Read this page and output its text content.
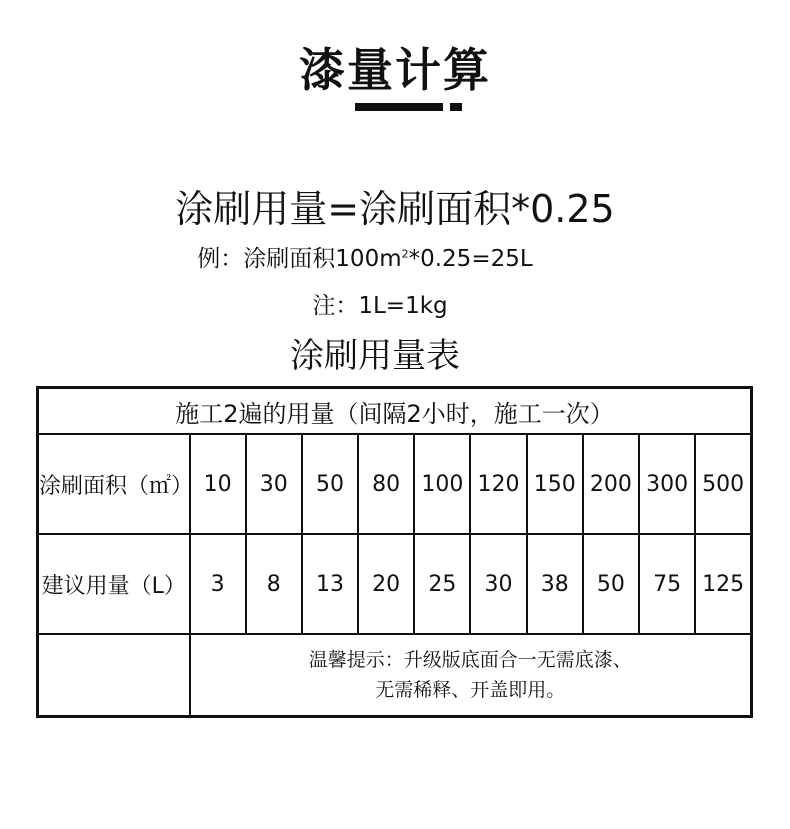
漆量计算
涂刷用量=涂刷面积*0.25
例：涂刷面积$100m^2*0.25=25L$
注：1L=1kg
涂刷用量表
施工2遍的用量（间隔2小时，施工一次）										
涂刷面积（㎡）	10	30	50	80	100	120	150	200	300	500
建议用量（L）	3	8	13	20	25	30	38	50	75	125

	温馨提示：升级版底面合一无需底漆、
无需稀释、开盖即用。									
